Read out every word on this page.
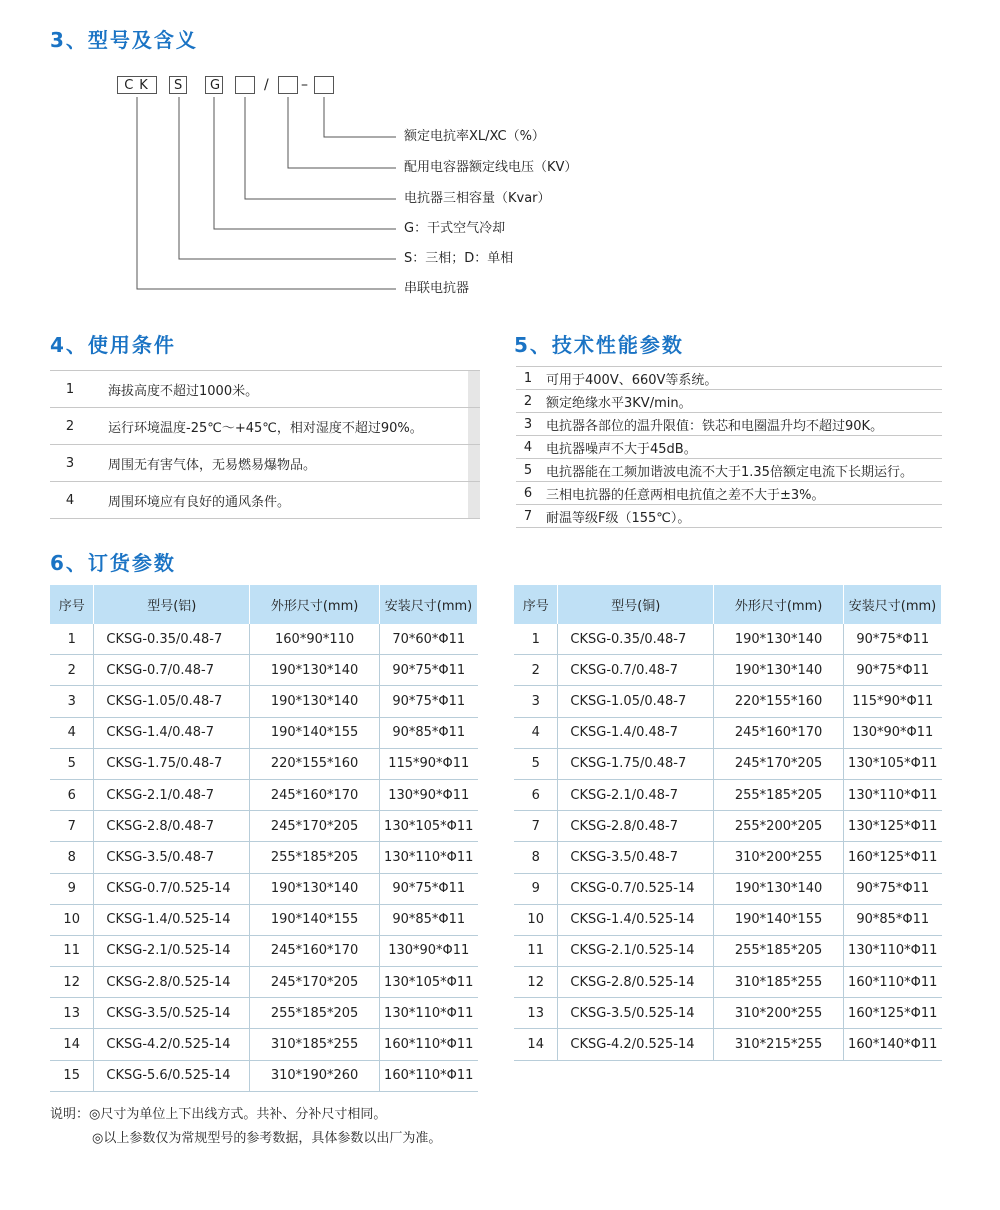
3、型号及含义
CK	S	G	/ –
额定电抗率XL/XC（%）
配用电容器额定线电压（KV）
电抗器三相容量（Kvar）
G：干式空气冷却
S：三相；D：单相
串联电抗器
4、使用条件
1	海拔高度不超过1000米。	
2	运行环境温度-25℃～+45℃，相对湿度不超过90%。	
3	周围无有害气体，无易燃易爆物品。	
4	周围环境应有良好的通风条件。	
5、技术性能参数
1	可用于400V、660V等系统。
2	额定绝缘水平3KV/min。
3	电抗器各部位的温升限值：铁芯和电圈温升均不超过90K。
4	电抗器噪声不大于45dB。
5	电抗器能在工频加谐波电流不大于1.35倍额定电流下长期运行。
6	三相电抗器的任意两相电抗值之差不大于±3%。
7	耐温等级F级（155℃）。
6、订货参数
序号	型号(铝)	外形尺寸(mm)	安装尺寸(mm)
1	CKSG-0.35/0.48-7	160*90*110	70*60*Φ11
2	CKSG-0.7/0.48-7	190*130*140	90*75*Φ11
3	CKSG-1.05/0.48-7	190*130*140	90*75*Φ11
4	CKSG-1.4/0.48-7	190*140*155	90*85*Φ11
5	CKSG-1.75/0.48-7	220*155*160	115*90*Φ11
6	CKSG-2.1/0.48-7	245*160*170	130*90*Φ11
7	CKSG-2.8/0.48-7	245*170*205	130*105*Φ11
8	CKSG-3.5/0.48-7	255*185*205	130*110*Φ11
9	CKSG-0.7/0.525-14	190*130*140	90*75*Φ11
10	CKSG-1.4/0.525-14	190*140*155	90*85*Φ11
11	CKSG-2.1/0.525-14	245*160*170	130*90*Φ11
12	CKSG-2.8/0.525-14	245*170*205	130*105*Φ11
13	CKSG-3.5/0.525-14	255*185*205	130*110*Φ11
14	CKSG-4.2/0.525-14	310*185*255	160*110*Φ11
15	CKSG-5.6/0.525-14	310*190*260	160*110*Φ11
序号	型号(铜)	外形尺寸(mm)	安装尺寸(mm)
1	CKSG-0.35/0.48-7	190*130*140	90*75*Φ11
2	CKSG-0.7/0.48-7	190*130*140	90*75*Φ11
3	CKSG-1.05/0.48-7	220*155*160	115*90*Φ11
4	CKSG-1.4/0.48-7	245*160*170	130*90*Φ11
5	CKSG-1.75/0.48-7	245*170*205	130*105*Φ11
6	CKSG-2.1/0.48-7	255*185*205	130*110*Φ11
7	CKSG-2.8/0.48-7	255*200*205	130*125*Φ11
8	CKSG-3.5/0.48-7	310*200*255	160*125*Φ11
9	CKSG-0.7/0.525-14	190*130*140	90*75*Φ11
10	CKSG-1.4/0.525-14	190*140*155	90*85*Φ11
11	CKSG-2.1/0.525-14	255*185*205	130*110*Φ11
12	CKSG-2.8/0.525-14	310*185*255	160*110*Φ11
13	CKSG-3.5/0.525-14	310*200*255	160*125*Φ11
14	CKSG-4.2/0.525-14	310*215*255	160*140*Φ11
说明：◎尺寸为单位上下出线方式。共补、分补尺寸相同。
◎以上参数仅为常规型号的参考数据，具体参数以出厂为准。
